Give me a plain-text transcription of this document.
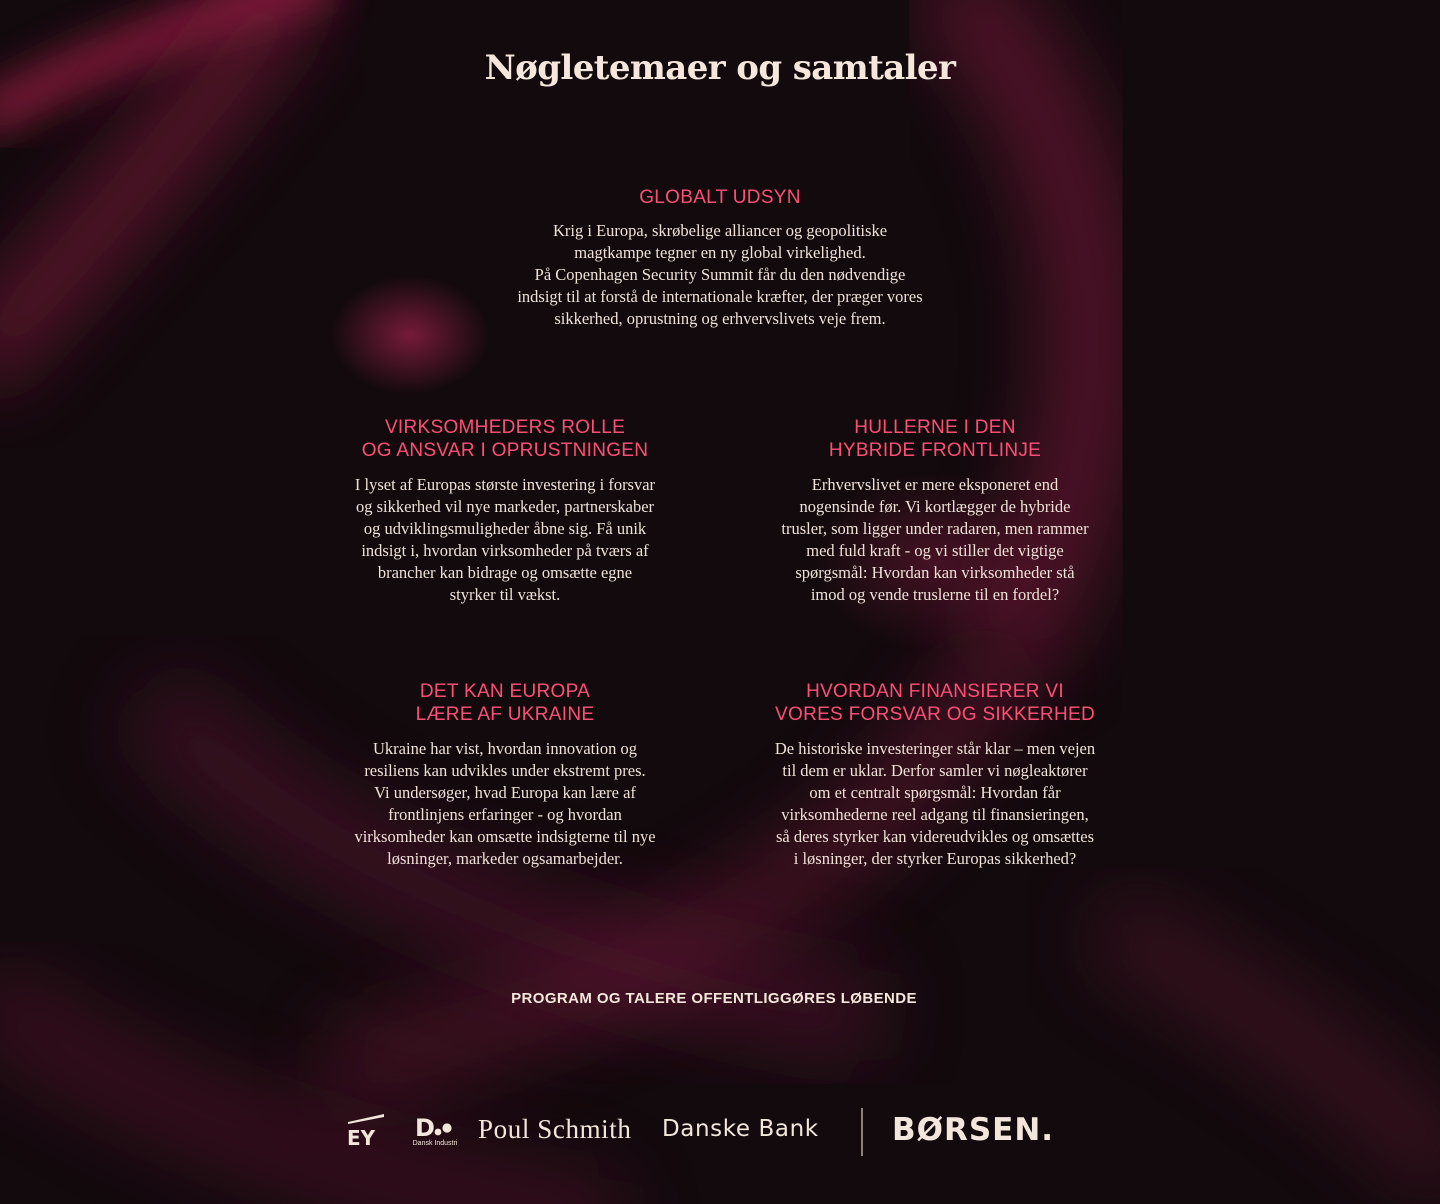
Nøgletemaer og samtaler
GLOBALT UDSYN

Krig i Europa, skrøbelige alliancer og geopolitiske
magtkampe tegner en ny global virkelighed.
På Copenhagen Security Summit får du den nødvendige
indsigt til at forstå de internationale kræfter, der præger vores
sikkerhed, oprustning og erhvervslivets veje frem.

VIRKSOMHEDERS ROLLE
OG ANSVAR I OPRUSTNINGEN

I lyset af Europas største investering i forsvar
og sikkerhed vil nye markeder, partnerskaber
og udviklingsmuligheder åbne sig. Få unik
indsigt i, hvordan virksomheder på tværs af
brancher kan bidrage og omsætte egne
styrker til vækst.

HULLERNE I DEN
HYBRIDE FRONTLINJE

Erhvervslivet er mere eksponeret end
nogensinde før. Vi kortlægger de hybride
trusler, som ligger under radaren, men rammer
med fuld kraft - og vi stiller det vigtige
spørgsmål: Hvordan kan virksomheder stå
imod og vende truslerne til en fordel?

DET KAN EUROPA
LÆRE AF UKRAINE

Ukraine har vist, hvordan innovation og
resiliens kan udvikles under ekstremt pres.
Vi undersøger, hvad Europa kan lære af
frontlinjens erfaringer - og hvordan
virksomheder kan omsætte indsigterne til nye
løsninger, markeder ogsamarbejder.

HVORDAN FINANSIERER VI
VORES FORSVAR OG SIKKERHED

De historiske investeringer står klar – men vejen
til dem er uklar. Derfor samler vi nøgleaktører
om et centralt spørgsmål: Hvordan får
virksomhederne reel adgang til finansieringen,
så deres styrker kan videreudvikles og omsættes
i løsninger, der styrker Europas sikkerhed?

PROGRAM OG TALERE OFFENTLIGGØRES LØBENDE
EY D
Dansk Industri Poul Schmith Danske Bank BØRSEN.
